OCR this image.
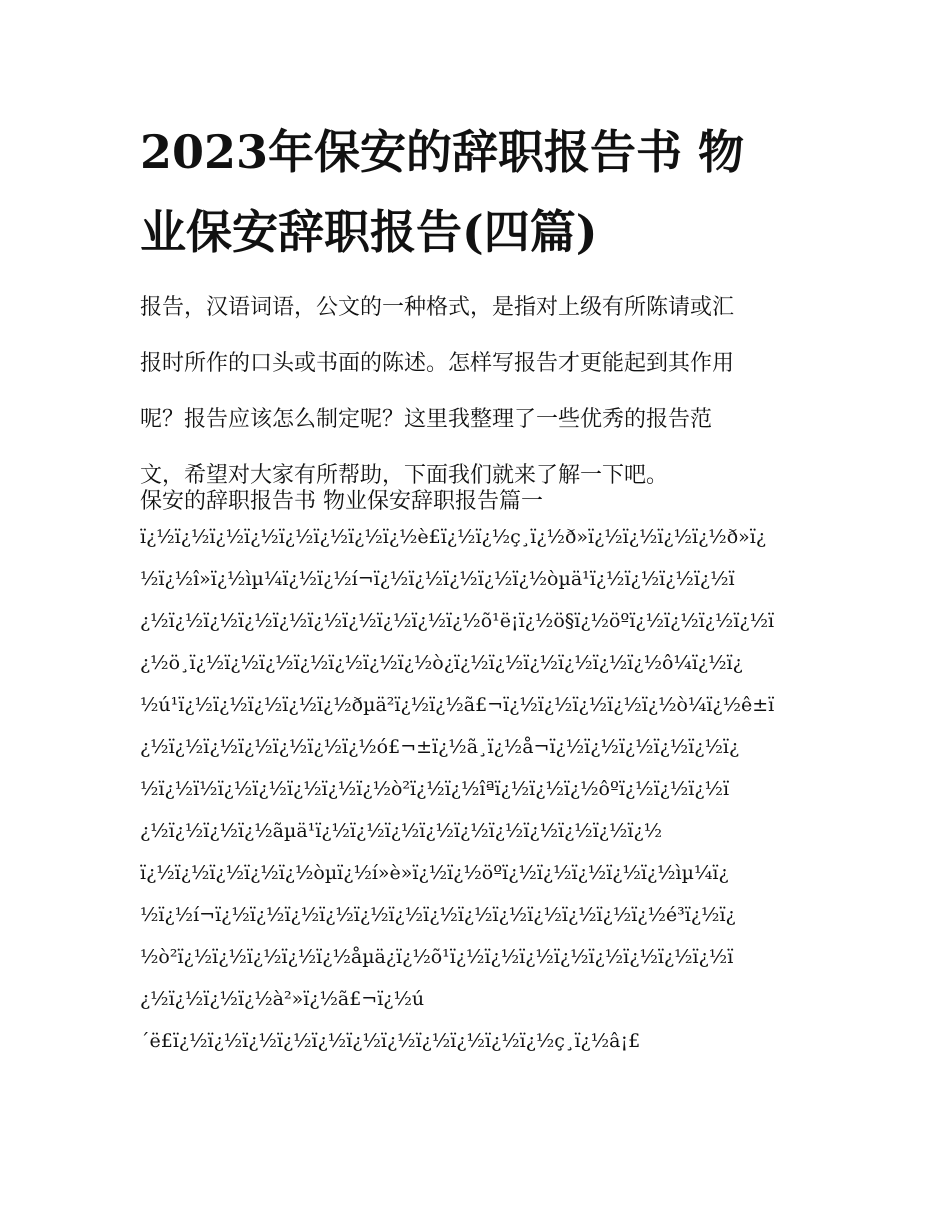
2023年保安的辞职报告书 物
业保安辞职报告(四篇)

报告，汉语词语，公文的一种格式，是指对上级有所陈请或汇
报时所作的口头或书面的陈述。怎样写报告才更能起到其作用
呢？报告应该怎么制定呢？这里我整理了一些优秀的报告范
文，希望对大家有所帮助，下面我们就来了解一下吧。

保安的辞职报告书 物业保安辞职报告篇一

ï¿½ï¿½ï¿½ï¿½ï¿½ï¿½ï¿½ï¿½è£ï¿½ï¿½ç¸ï¿½ð»ï¿½ï¿½ï¿½ï¿½ð»ï¿
½ï¿½î»ï¿½ìµ¼ï¿½ï¿½í¬ï¿½ï¿½ï¿½ï¿½ï¿½òµä¹ï¿½ï¿½ï¿½ï¿½ï
¿½ï¿½ï¿½ï¿½ï¿½ï¿½ï¿½ï¿½ï¿½ï¿½õ¹ë¡ï¿½ö§ï¿½öºï¿½ï¿½ï¿½ï¿½ï
¿½ö¸ï¿½ï¿½ï¿½ï¿½ï¿½ï¿½ï¿½ò¿ï¿½ï¿½ï¿½ï¿½ï¿½ï¿½ô¼ï¿½ï¿
½ú¹ï¿½ï¿½ï¿½ï¿½ï¿½ðµä²ï¿½ï¿½ã£¬ï¿½ï¿½ï¿½ï¿½ï¿½ò¼ï¿½ê±ï
¿½ï¿½ï¿½ï¿½ï¿½ï¿½ï¿½ó£¬±ï¿½ã¸ï¿½å¬ï¿½ï¿½ï¿½ï¿½ï¿½ï¿
½ï¿½ï½ï¿½ï¿½ï¿½ï¿½ï¿½ò²ï¿½ï¿½îªï¿½ï¿½ï¿½ôºï¿½ï¿½ï¿½ï
¿½ï¿½ï¿½ï¿½ãµä¹ï¿½ï¿½ï¿½ï¿½ï¿½ï¿½ï¿½ï¿½ï¿½ï¿½
ï¿½ï¿½ï¿½ï¿½ï¿½òµï¿½í»è»ï¿½ï¿½öºï¿½ï¿½ï¿½ï¿½ï¿½ìµ¼ï¿
½ï¿½í¬ï¿½ï¿½ï¿½ï¿½ï¿½ï¿½ï¿½ï¿½ï¿½ï¿½ï¿½ï¿½ï¿½é³ï¿½ï¿
½ò²ï¿½ï¿½ï¿½ï¿½ï¿½åµä¿ï¿½õ¹ï¿½ï¿½ï¿½ï¿½ï¿½ï¿½ï¿½ï¿½ï
¿½ï¿½ï¿½ï¿½à²»ï¿½ã£¬ï¿½ú
´ë£ï¿½ï¿½ï¿½ï¿½ï¿½ï¿½ï¿½ï¿½ï¿½ï¿½ï¿½ç¸ï¿½â¡£
